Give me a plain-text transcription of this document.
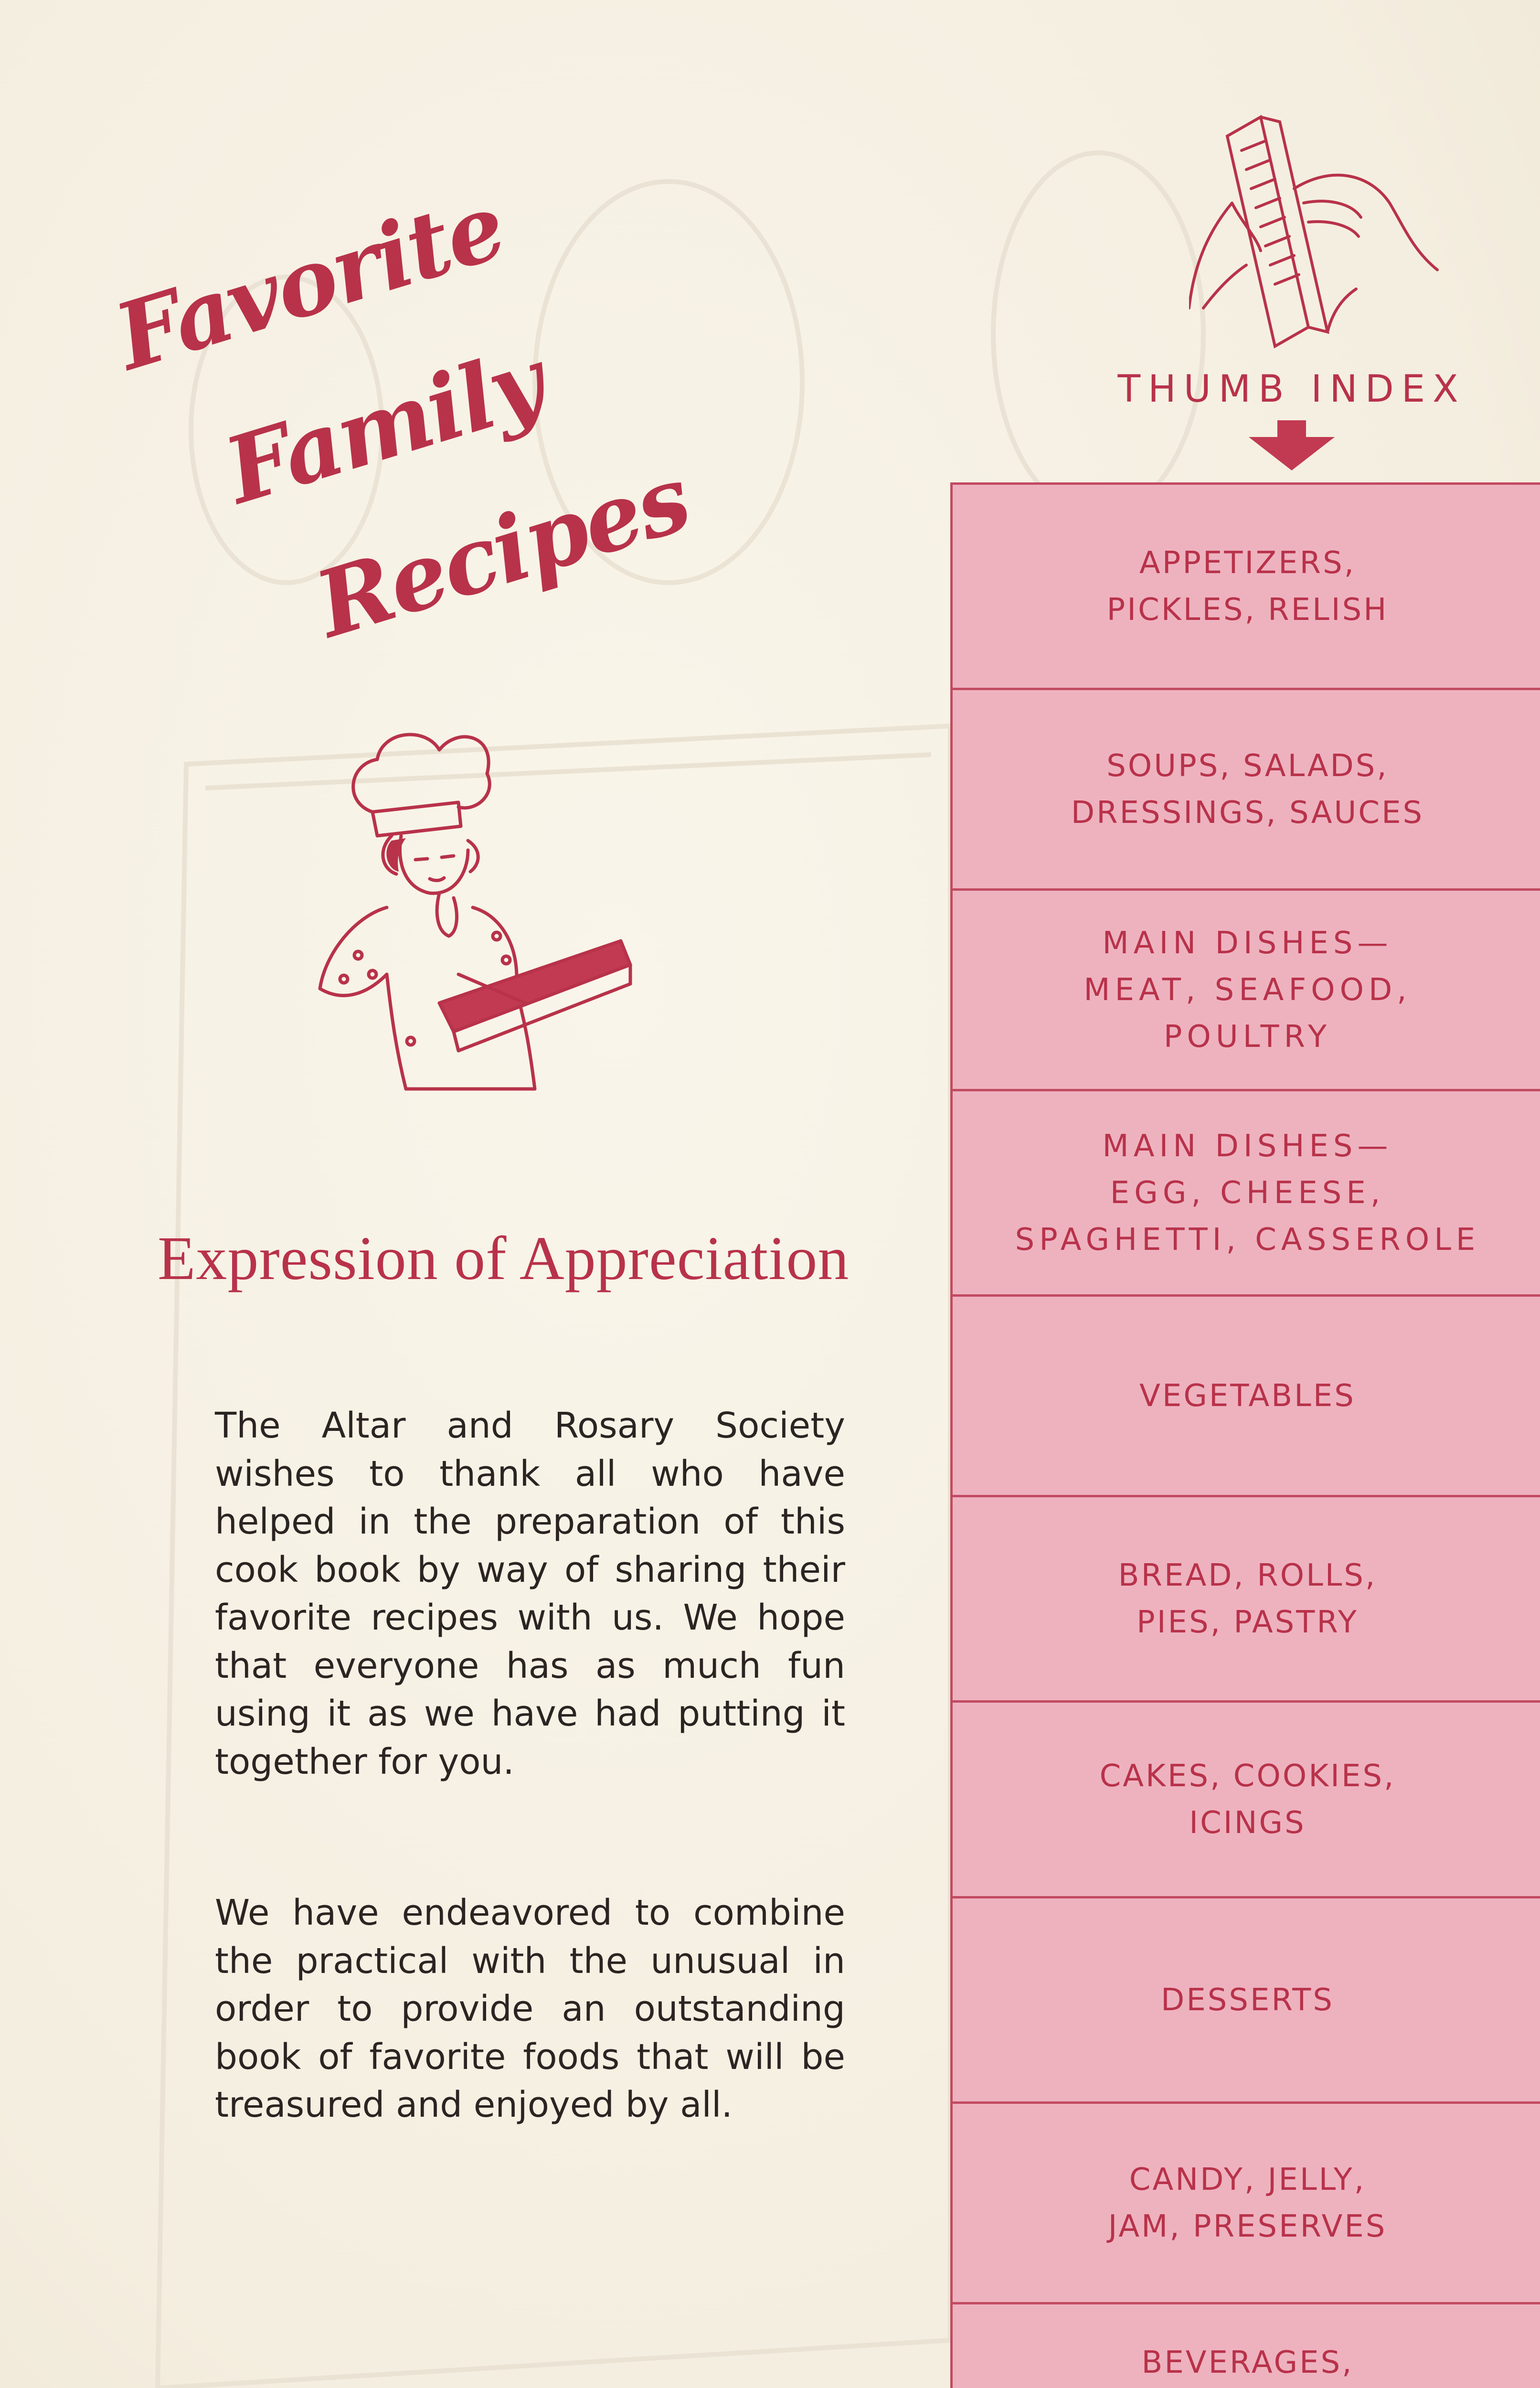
Favorite
Family
Recipes
THUMB INDEX
APPETIZERS,
PICKLES, RELISH
SOUPS, SALADS,
DRESSINGS, SAUCES
MAIN DISHES—
MEAT, SEAFOOD,
POULTRY
MAIN DISHES—
EGG, CHEESE,
SPAGHETTI, CASSEROLE
VEGETABLES
BREAD, ROLLS,
PIES, PASTRY
CAKES, COOKIES,
ICINGS
DESSERTS
CANDY, JELLY,
JAM, PRESERVES
BEVERAGES,

Expression of Appreciation
The Altar and Rosary Society wishes to thank all who have helped in the preparation of this cook book by way of sharing their favorite recipes with us. We hope that everyone has as much fun using it as we have had putting it together for you.
We have endeavored to combine the practical with the unusual in order to provide an outstanding book of favorite foods that will be treasured and enjoyed by all.
